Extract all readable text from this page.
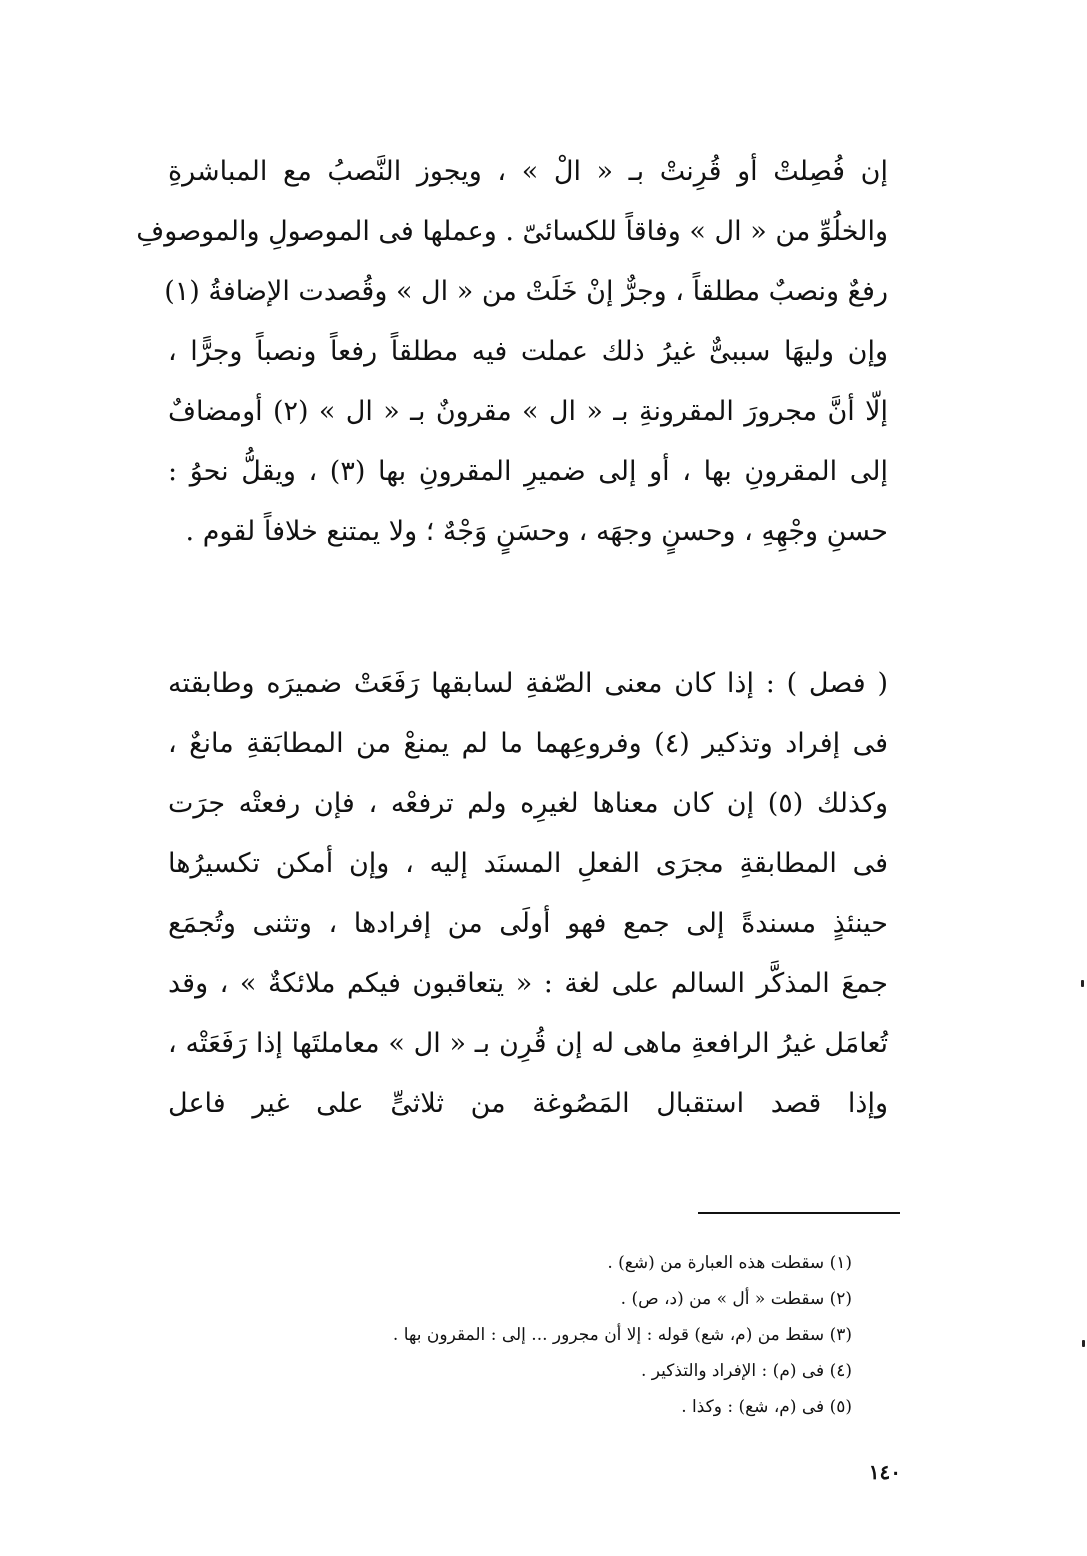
إن فُصِلتْ أو قُرِنتْ بـ « الْ » ، ويجوز النَّصبُ مع المباشرةِ
والخلُوِّ من « ال » وفاقاً للكسائىّ . وعملها فى الموصولِ والموصوفِ
رفعٌ ونصبٌ مطلقاً ، وجرٌّ إنْ خَلَتْ من « ال » وقُصدت الإضافةُ (١)
وإن وليهَا سببىٌّ غيرُ ذلك عملت فيه مطلقاً رفعاً ونصباً وجرًّا ،
إلّا أنَّ مجرورَ المقرونةِ بـ « ال » مقرونٌ بـ « ال » (٢) أومضافٌ
إلى المقرونِ بها ، أو إلى ضميرِ المقرونِ بها (٣) ، ويقلُّ نحوُ :
حسنِ وجْهِهِ ، وحسنٍ وجهَه ، وحسَنٍ وَجْهٌ ؛ ولا يمتنع خلافاً لقوم .
( فصل ) : إذا كان معنى الصّفةِ لسابقها رَفَعَتْ ضميرَه وطابقته
فى إفراد وتذكير (٤) وفروعِهما ما لم يمنعْ من المطابَقةِ مانعٌ ،
وكذلك (٥) إن كان معناها لغيرِه ولم ترفعْه ، فإن رفعتْه جرَت
فى المطابقةِ مجرَى الفعلِ المسنَد إليه ، وإن أمكن تكسيرُها
حينئذٍ مسندةً إلى جمع فهو أولَى من إفرادها ، وتثنى وتُجمَع
جمعَ المذكَّر السالم على لغة : « يتعاقبون فيكم ملائكةٌ » ، وقد
تُعامَل غيرُ الرافعةِ ماهى له إن قُرِن بـ « ال » معاملتَها إذا رَفَعَتْه ،
وإذا قصد استقبال المَصُوغة من ثلاثىٍّ على غير فاعل
(١) سقطت هذه العبارة من (شع) .
(٢) سقطت « أل » من (د، ص) .
(٣) سقط من (م، شع) قوله : إلا أن مجرور ... إلى : المقرون بها .
(٤) فى (م) : الإفراد والتذكير .
(٥) فى (م، شع) : وكذا .
١٤٠
